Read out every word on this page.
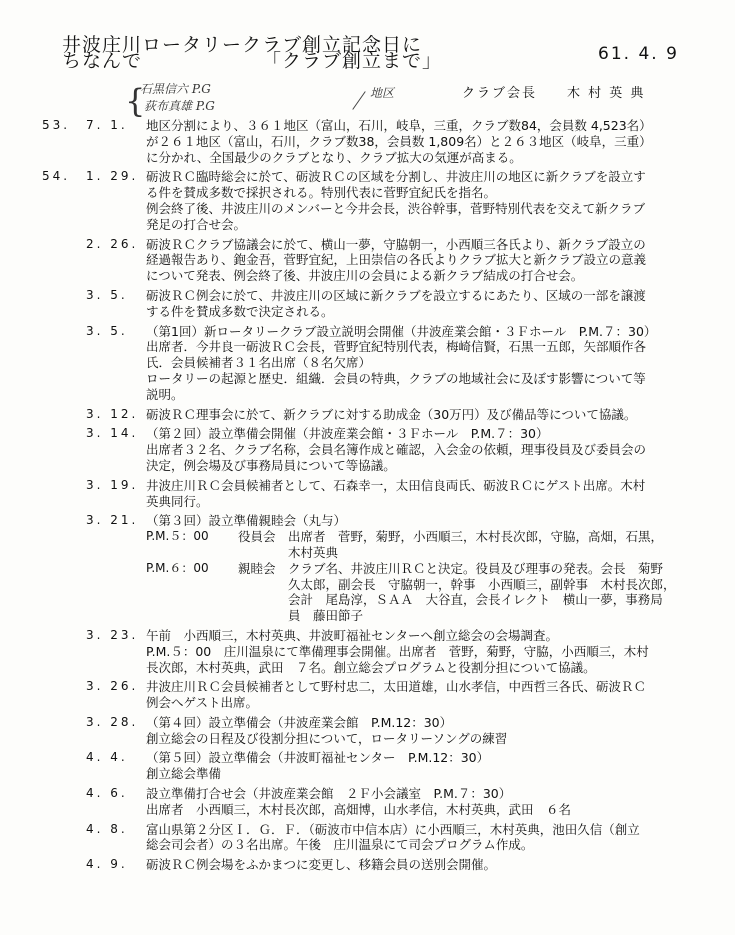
井波庄川ロータリークラブ創立記念日に
ちなんで	「クラブ創立まで」	61. 4. 9
{
石黒信六 P.G
荻布真雄 P.G
地区	クラブ会長　　木 村 英 典
53. 7. 1. 地区分割により、３６１地区（富山，石川，岐阜，三重，クラブ数84，会員数 4,523名）
が２６１地区（富山，石川，クラブ数38，会員数 1,809名）と２６３地区（岐阜，三重）
に分かれ、全国最少のクラブとなり、クラブ拡大の気運が高まる。
54. 1. 29. 砺波ＲＣ臨時総会に於て、砺波ＲＣの区域を分割し、井波庄川の地区に新クラブを設立す
る件を賛成多数で採択される。特別代表に菅野宜紀氏を指名。
例会終了後、井波庄川のメンバーと今井会長，渋谷幹事，菅野特別代表を交えて新クラブ
発足の打合せ会。
2. 26. 砺波ＲＣクラブ協議会に於て、横山一夢，守脇朝一，小西順三各氏より、新クラブ設立の
経過報告あり、鉋金吾，菅野宜紀，上田崇信の各氏よりクラブ拡大と新クラブ設立の意義
について発表、例会終了後、井波庄川の会員による新クラブ結成の打合せ会。
3. 5. 砺波ＲＣ例会に於て、井波庄川の区域に新クラブを設立するにあたり、区域の一部を譲渡
する件を賛成多数で決定される。
3. 5. （第1回）新ロータリークラブ設立説明会開催（井波産業会館・３Ｆホール　P.M.７：30）
出席者．今井良一砺波ＲＣ会長，菅野宜紀特別代表，梅崎信賢，石黒一五郎，矢部順作各
氏．会員候補者３１名出席（８名欠席）
ロータリーの起源と歴史．組織．会員の特典，クラブの地域社会に及ぼす影響について等
説明。
3. 12. 砺波ＲＣ理事会に於て、新クラブに対する助成金（30万円）及び備品等について協議。
3. 14. （第２回）設立準備会開催（井波産業会館・３Ｆホール　P.M.７：30）
出席者３２名、クラブ名称，会員名簿作成と確認，入会金の依頼，理事役員及び委員会の
決定，例会場及び事務局員について等協議。
3. 19. 井波庄川ＲＣ会員候補者として、石森幸一，太田信良両氏、砺波ＲＣにゲスト出席。木村
英典同行。
3. 21. （第３回）設立準備親睦会（丸与）
P.M.５：00	役員会 出席者　菅野，菊野，小西順三，木村長次郎，守脇，高畑，石黒，
木村英典
P.M.６：00	親睦会 クラブ名、井波庄川ＲＣと決定。役員及び理事の発表。会長　菊野
久太郎，副会長　守脇朝一，幹事　小西順三，副幹事　木村長次郎，
会計　尾島淳，ＳＡＡ　大谷直，会長イレクト　横山一夢，事務局
員　藤田節子
3. 23. 午前　小西順三，木村英典、井波町福祉センターへ創立総会の会場調査。
P.M.５：00　庄川温泉にて準備理事会開催。出席者　菅野，菊野，守脇，小西順三，木村
長次郎，木村英典，武田　７名。創立総会プログラムと役割分担について協議。
3. 26. 井波庄川ＲＣ会員候補者として野村忠二，太田道雄，山水孝信，中西哲三各氏、砺波ＲＣ
例会へゲスト出席。
3. 28. （第４回）設立準備会（井波産業会館　P.M.12：30）
創立総会の日程及び役割分担について，ロータリーソングの練習
4. 4. （第５回）設立準備会（井波町福祉センター　P.M.12：30）
創立総会準備
4. 6. 設立準備打合せ会（井波産業会館　２Ｆ小会議室　P.M.７：30）
出席者　小西順三，木村長次郎，高畑博，山水孝信，木村英典，武田　６名
4. 8. 富山県第２分区Ｉ．Ｇ．Ｆ．（砺波市中信本店）に小西順三，木村英典，池田久信（創立
総会司会者）の３名出席。午後　庄川温泉にて司会プログラム作成。
4. 9. 砺波ＲＣ例会場をふかまつに変更し、移籍会員の送別会開催。
